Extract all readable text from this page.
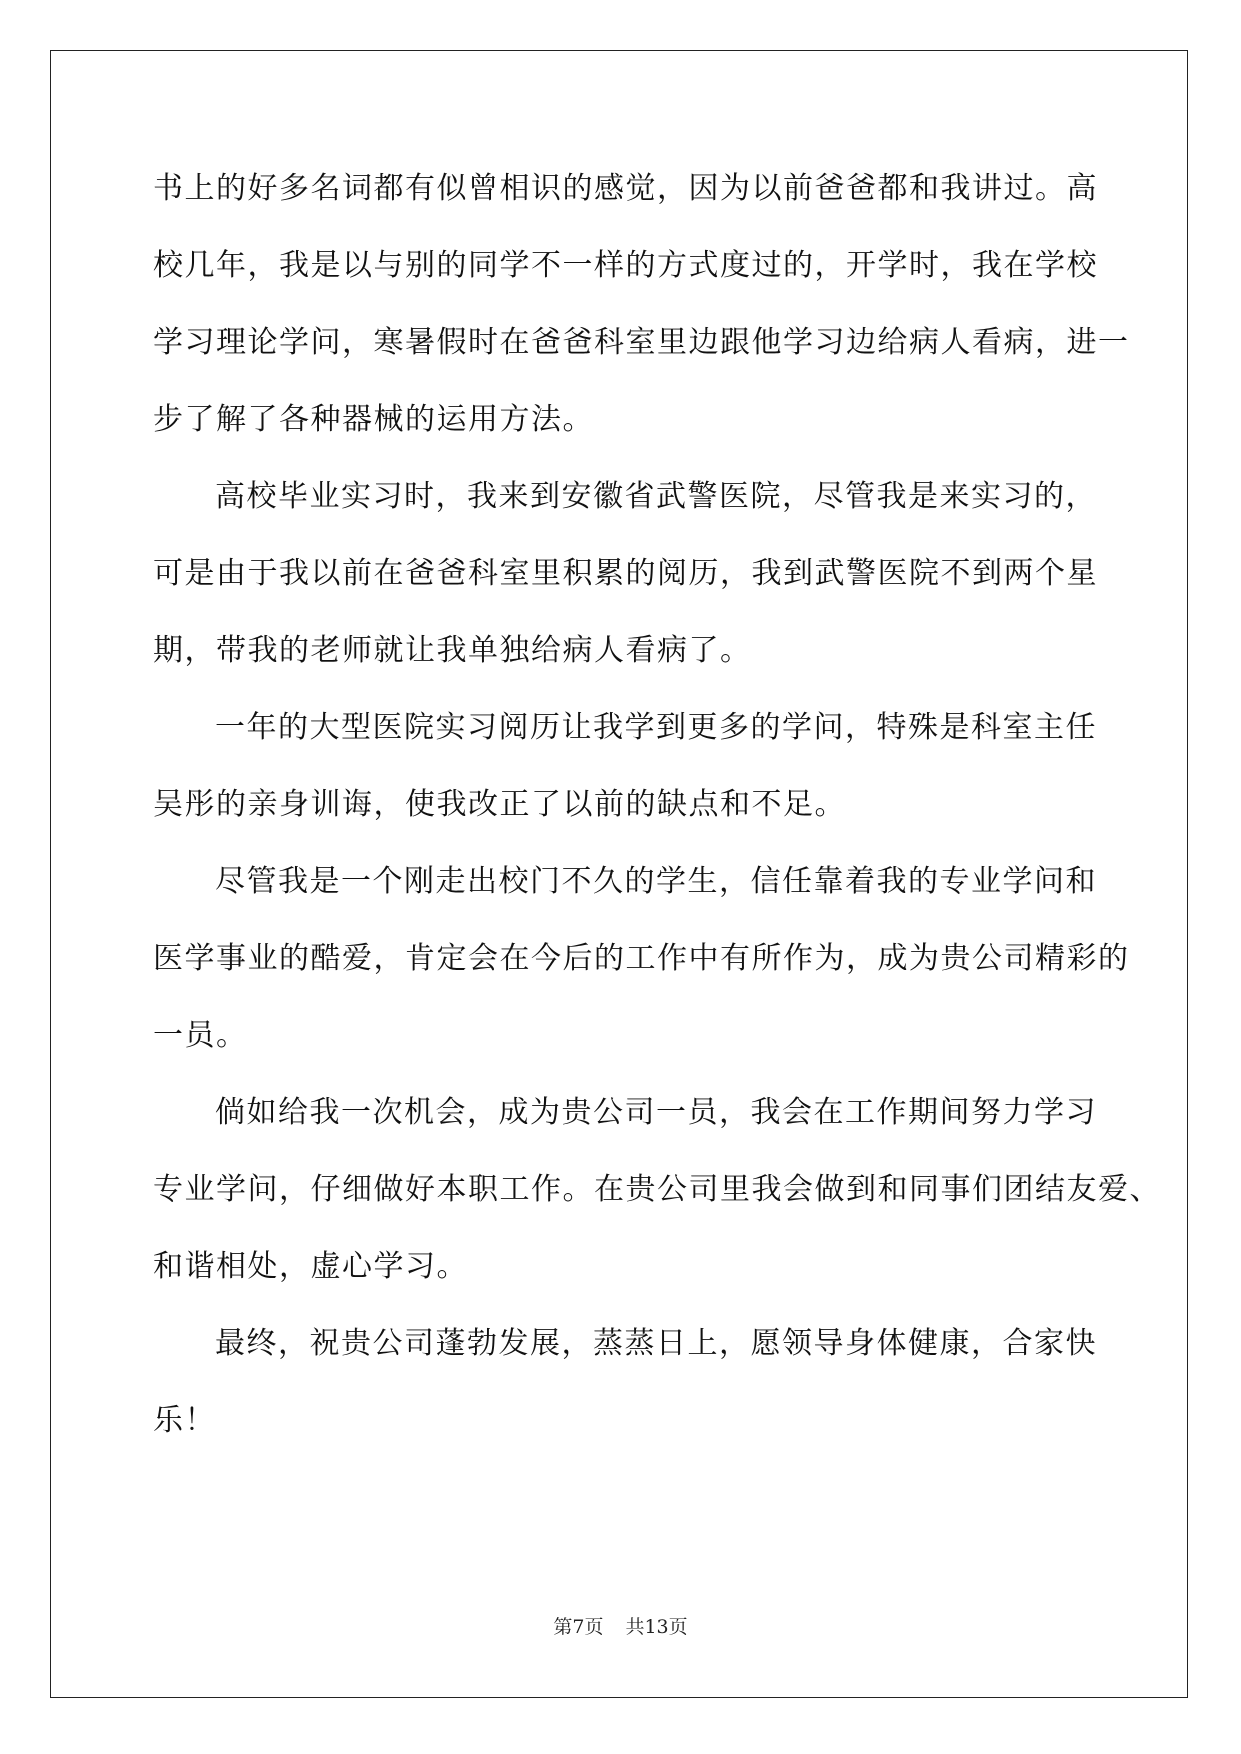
书上的好多名词都有似曾相识的感觉，因为以前爸爸都和我讲过。高
校几年，我是以与别的同学不一样的方式度过的，开学时，我在学校
学习理论学问，寒暑假时在爸爸科室里边跟他学习边给病人看病，进一
步了解了各种器械的运用方法。
高校毕业实习时，我来到安徽省武警医院，尽管我是来实习的，
可是由于我以前在爸爸科室里积累的阅历，我到武警医院不到两个星
期，带我的老师就让我单独给病人看病了。
一年的大型医院实习阅历让我学到更多的学问，特殊是科室主任
吴彤的亲身训诲，使我改正了以前的缺点和不足。
尽管我是一个刚走出校门不久的学生，信任靠着我的专业学问和
医学事业的酷爱，肯定会在今后的工作中有所作为，成为贵公司精彩的
一员。
倘如给我一次机会，成为贵公司一员，我会在工作期间努力学习
专业学问，仔细做好本职工作。在贵公司里我会做到和同事们团结友爱、
和谐相处，虚心学习。
最终，祝贵公司蓬勃发展，蒸蒸日上，愿领导身体健康，合家快
乐！
第7页 共13页
